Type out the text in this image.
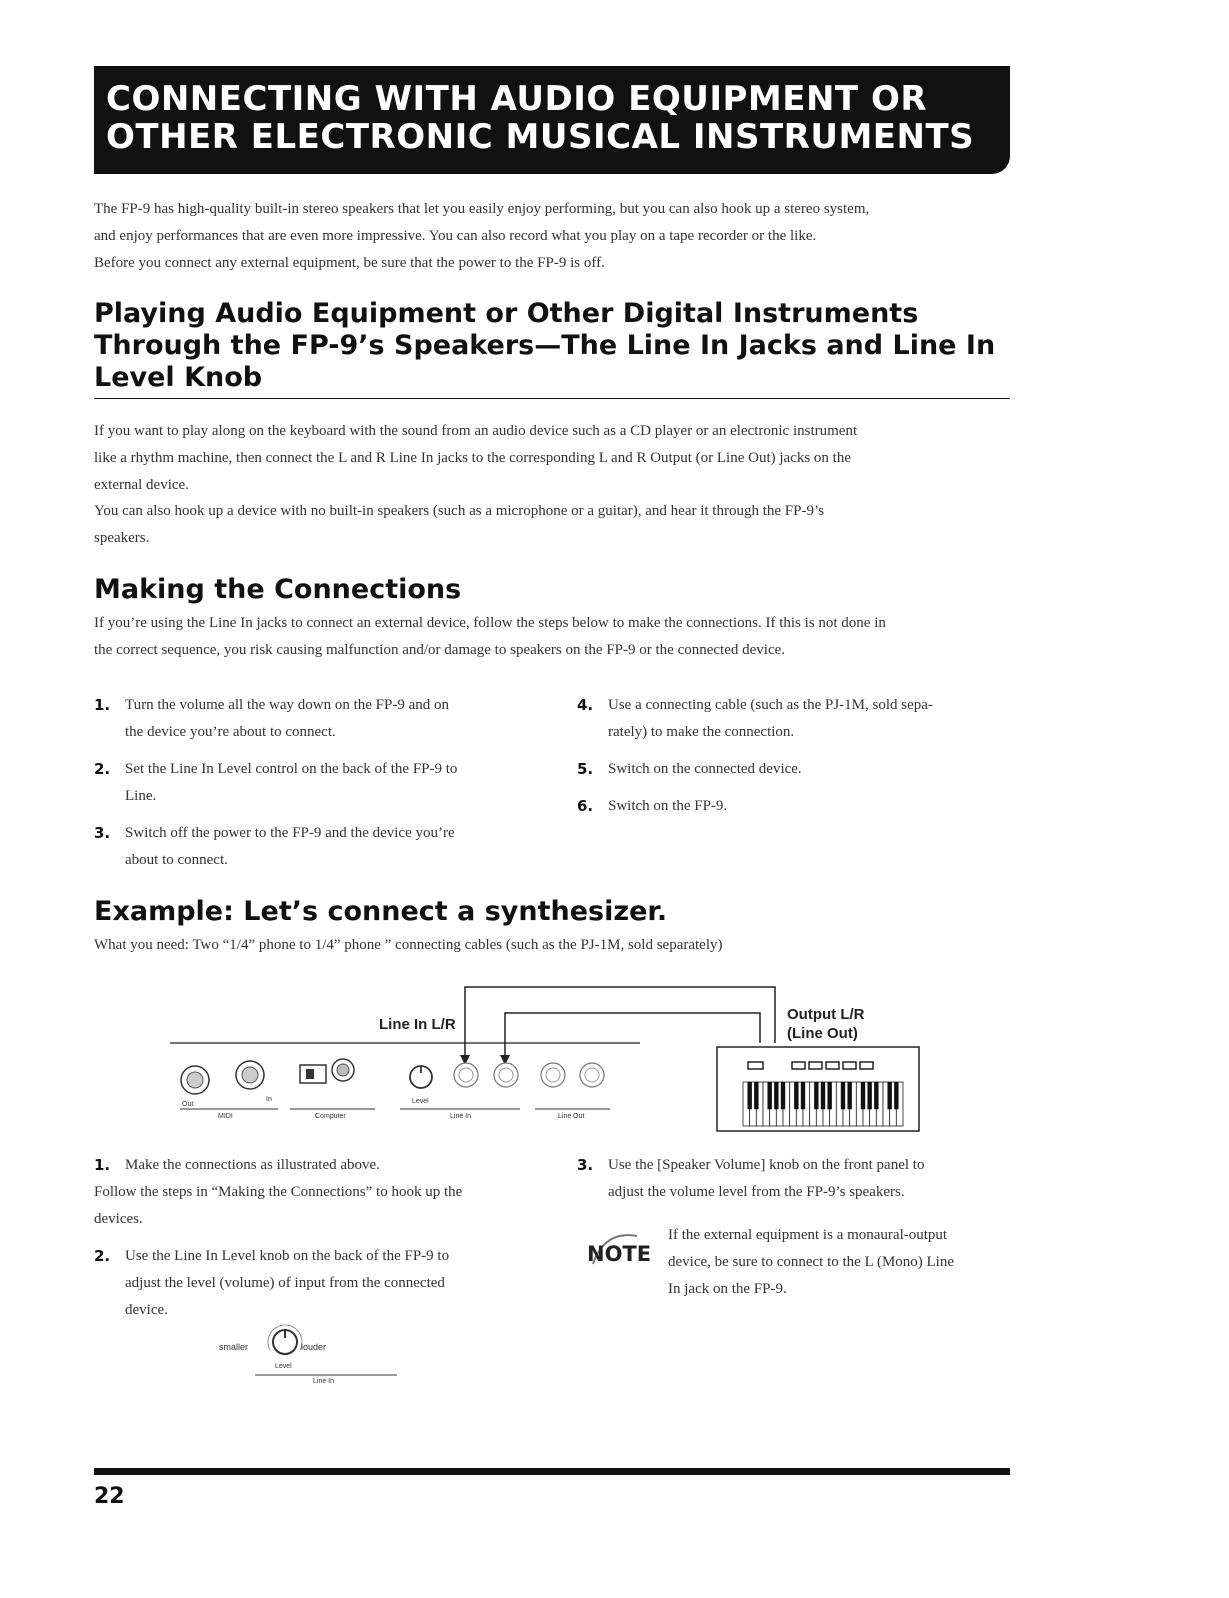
CONNECTING WITH AUDIO EQUIPMENT OR
OTHER ELECTRONIC MUSICAL INSTRUMENTS
The FP-9 has high-quality built-in stereo speakers that let you easily enjoy performing, but you can also hook up a stereo system,
and enjoy performances that are even more impressive. You can also record what you play on a tape recorder or the like.
Before you connect any external equipment, be sure that the power to the FP-9 is off.
Playing Audio Equipment or Other Digital Instruments
Through the FP-9’s Speakers—The Line In Jacks and Line In
Level Knob
If you want to play along on the keyboard with the sound from an audio device such as a CD player or an electronic instrument
like a rhythm machine, then connect the L and R Line In jacks to the corresponding L and R Output (or Line Out) jacks on the
external device.
You can also hook up a device with no built-in speakers (such as a microphone or a guitar), and hear it through the FP-9’s
speakers.
Making the Connections
If you’re using the Line In jacks to connect an external device, follow the steps below to make the connections. If this is not done in
the correct sequence, you risk causing malfunction and/or damage to speakers on the FP-9 or the connected device.
1. Turn the volume all the way down on the FP-9 and on
the device you’re about to connect.
2. Set the Line In Level control on the back of the FP-9 to
Line.
3. Switch off the power to the FP-9 and the device you’re
about to connect.
4. Use a connecting cable (such as the PJ-1M, sold sepa-
rately) to make the connection.
5. Switch on the connected device.
6. Switch on the FP-9.
Example: Let’s connect a synthesizer.
What you need: Two “1/4” phone to 1/4” phone ” connecting cables (such as the PJ-1M, sold separately)
MIDI	Computer	Line In	Line Out
Out
In	Level
Line In L/R
Output L/R
(Line Out)
1. Make the connections as illustrated above.
Follow the steps in “Making the Connections” to hook up the
devices.
2. Use the Line In Level knob on the back of the FP-9 to
adjust the level (volume) of input from the connected
device.
3. Use the [Speaker Volume] knob on the front panel to
adjust the volume level from the FP-9’s speakers.
smaller	louder
Level
Line In
NOTE
If the external equipment is a monaural-output
device, be sure to connect to the L (Mono) Line
In jack on the FP-9.
22
